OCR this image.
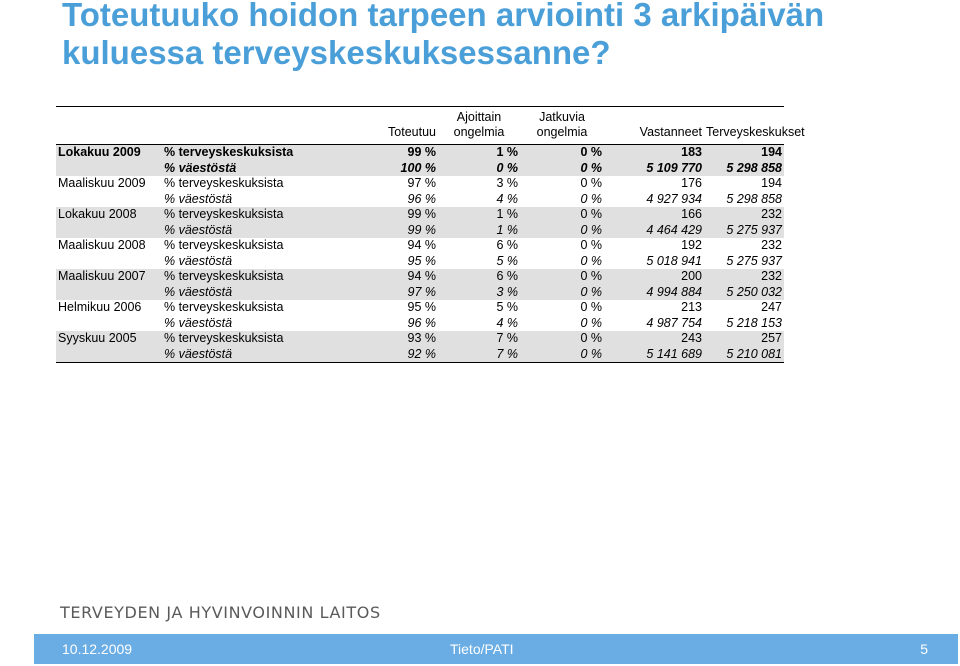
Toteutuuko hoidon tarpeen arviointi 3 arkipäivän kuluessa terveyskeskuksessanne?
		Toteutuu	Ajoittain ongelmia	Jatkuvia ongelmia	Vastanneet	Terveyskeskukset
Lokakuu 2009	% terveyskeskuksista	99 %	1 %	0 %	183	194
	% väestöstä	100 %	0 %	0 %	5 109 770	5 298 858
Maaliskuu 2009	% terveyskeskuksista	97 %	3 %	0 %	176	194
	% väestöstä	96 %	4 %	0 %	4 927 934	5 298 858
Lokakuu 2008	% terveyskeskuksista	99 %	1 %	0 %	166	232
	% väestöstä	99 %	1 %	0 %	4 464 429	5 275 937
Maaliskuu 2008	% terveyskeskuksista	94 %	6 %	0 %	192	232
	% väestöstä	95 %	5 %	0 %	5 018 941	5 275 937
Maaliskuu 2007	% terveyskeskuksista	94 %	6 %	0 %	200	232
	% väestöstä	97 %	3 %	0 %	4 994 884	5 250 032
Helmikuu 2006	% terveyskeskuksista	95 %	5 %	0 %	213	247
	% väestöstä	96 %	4 %	0 %	4 987 754	5 218 153
Syyskuu 2005	% terveyskeskuksista	93 %	7 %	0 %	243	257
	% väestöstä	92 %	7 %	0 %	5 141 689	5 210 081
TERVEYDEN JA HYVINVOINNIN LAITOS
10.12.2009	Tieto/PATI	5
